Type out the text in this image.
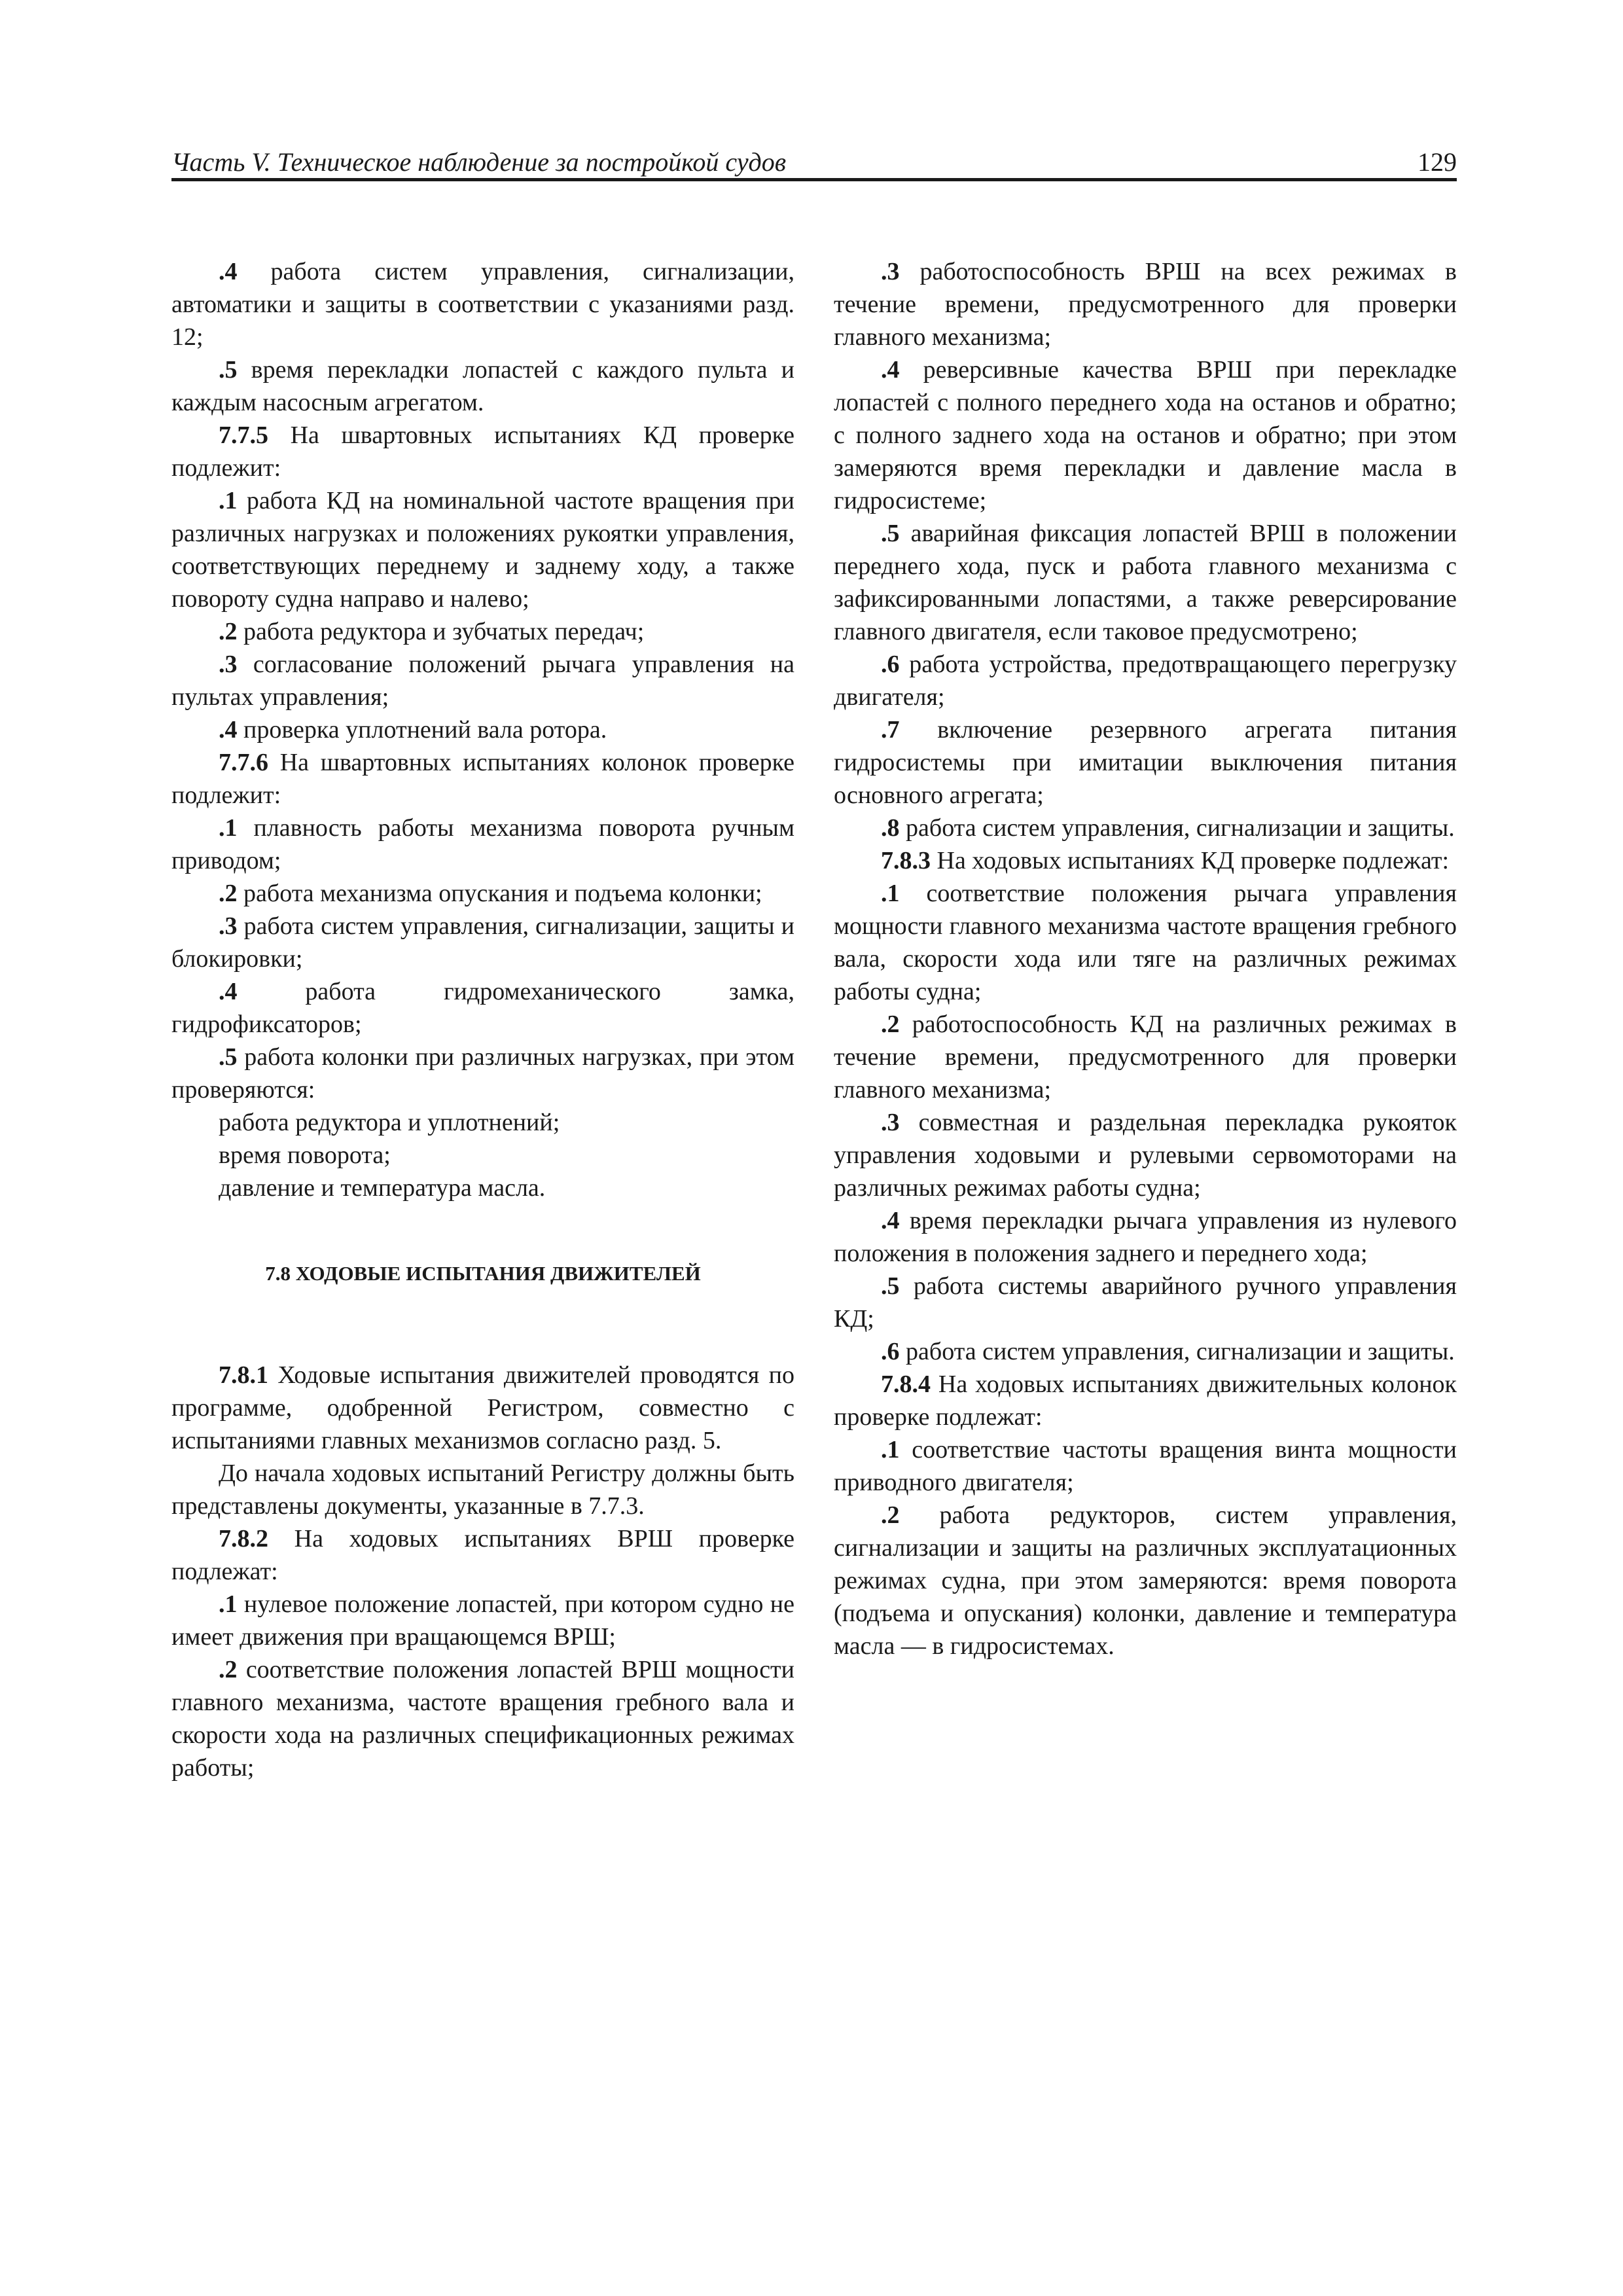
Часть V. Техническое наблюдение за постройкой судов	129

.4 работа систем управления, сигнализации, автоматики и защиты в соответствии с указаниями разд. 12;

.5 время перекладки лопастей с каждого пульта и каждым насосным агрегатом.

7.7.5 На швартовных испытаниях КД проверке подлежит:

.1 работа КД на номинальной частоте вращения при различных нагрузках и положениях рукоятки управления, соответствующих переднему и заднему ходу, а также повороту судна направо и налево;

.2 работа редуктора и зубчатых передач;

.3 согласование положений рычага управления на пультах управления;

.4 проверка уплотнений вала ротора.

7.7.6 На швартовных испытаниях колонок проверке подлежит:

.1 плавность работы механизма поворота ручным приводом;

.2 работа механизма опускания и подъема колонки;

.3 работа систем управления, сигнализации, защиты и блокировки;

.4 работа гидромеханического замка, гидрофиксаторов;

.5 работа колонки при различных нагрузках, при этом проверяются:

работа редуктора и уплотнений;

время поворота;

давление и температура масла.

7.8 ХОДОВЫЕ ИСПЫТАНИЯ ДВИЖИТЕЛЕЙ

7.8.1 Ходовые испытания движителей проводятся по программе, одобренной Регистром, совместно с испытаниями главных механизмов согласно разд. 5.

До начала ходовых испытаний Регистру должны быть представлены документы, указанные в 7.7.3.

7.8.2 На ходовых испытаниях ВРШ проверке подлежат:

.1 нулевое положение лопастей, при котором судно не имеет движения при вращающемся ВРШ;

.2 соответствие положения лопастей ВРШ мощности главного механизма, частоте вращения гребного вала и скорости хода на различных спецификационных режимах работы;

.3 работоспособность ВРШ на всех режимах в течение времени, предусмотренного для проверки главного механизма;

.4 реверсивные качества ВРШ при перекладке лопастей с полного переднего хода на останов и обратно; с полного заднего хода на останов и обратно; при этом замеряются время перекладки и давление масла в гидросистеме;

.5 аварийная фиксация лопастей ВРШ в положении переднего хода, пуск и работа главного механизма с зафиксированными лопастями, а также реверсирование главного двигателя, если таковое предусмотрено;

.6 работа устройства, предотвращающего перегрузку двигателя;

.7 включение резервного агрегата питания гидросистемы при имитации выключения питания основного агрегата;

.8 работа систем управления, сигнализации и защиты.

7.8.3 На ходовых испытаниях КД проверке подлежат:

.1 соответствие положения рычага управления мощности главного механизма частоте вращения гребного вала, скорости хода или тяге на различных режимах работы судна;

.2 работоспособность КД на различных режимах в течение времени, предусмотренного для проверки главного механизма;

.3 совместная и раздельная перекладка рукояток управления ходовыми и рулевыми сервомоторами на различных режимах работы судна;

.4 время перекладки рычага управления из нулевого положения в положения заднего и переднего хода;

.5 работа системы аварийного ручного управления КД;

.6 работа систем управления, сигнализации и защиты.

7.8.4 На ходовых испытаниях движительных колонок проверке подлежат:

.1 соответствие частоты вращения винта мощности приводного двигателя;

.2 работа редукторов, систем управления, сигнализации и защиты на различных эксплуатационных режимах судна, при этом замеряются: время поворота (подъема и опускания) колонки, давление и температура масла — в гидросистемах.
